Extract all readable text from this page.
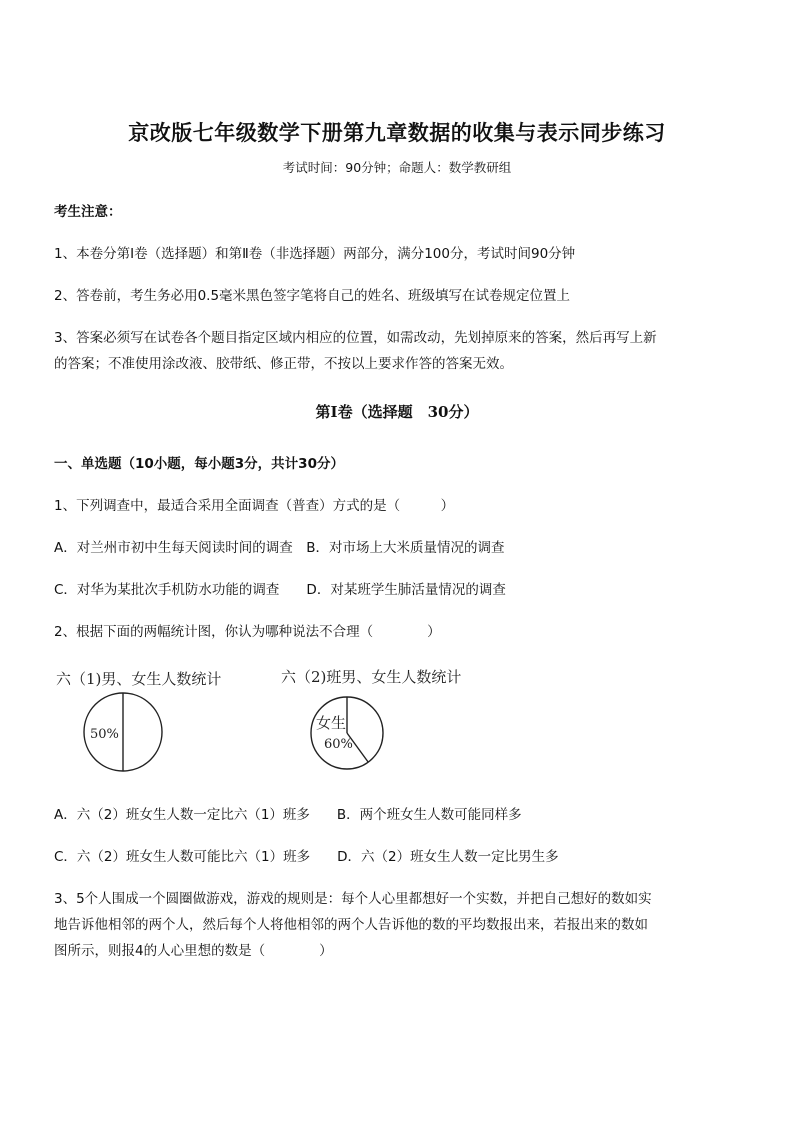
京改版七年级数学下册第九章数据的收集与表示同步练习
考试时间：90分钟；命题人：数学教研组
考生注意：
1、本卷分第Ⅰ卷（选择题）和第Ⅱ卷（非选择题）两部分，满分100分，考试时间90分钟
2、答卷前，考生务必用0.5毫米黑色签字笔将自己的姓名、班级填写在试卷规定位置上
3、答案必须写在试卷各个题目指定区域内相应的位置，如需改动，先划掉原来的答案，然后再写上新
的答案；不准使用涂改液、胶带纸、修正带，不按以上要求作答的答案无效。
第Ⅰ卷（选择题　30分）
一、单选题（10小题，每小题3分，共计30分）
1、下列调查中，最适合采用全面调查（普查）方式的是（　　　）
A．对兰州市初中生每天阅读时间的调查　B．对市场上大米质量情况的调查
C．对华为某批次手机防水功能的调查　　D．对某班学生肺活量情况的调查
2、根据下面的两幅统计图，你认为哪种说法不合理（　　　　）
六（1)男、女生人数统计
50%
六（2)班男、女生人数统计
女生
60%
A．六（2）班女生人数一定比六（1）班多　　B．两个班女生人数可能同样多
C．六（2）班女生人数可能比六（1）班多　　D．六（2）班女生人数一定比男生多
3、5个人围成一个圆圈做游戏，游戏的规则是：每个人心里都想好一个实数，并把自己想好的数如实
地告诉他相邻的两个人，然后每个人将他相邻的两个人告诉他的数的平均数报出来，若报出来的数如
图所示，则报4的人心里想的数是（　　　　）
